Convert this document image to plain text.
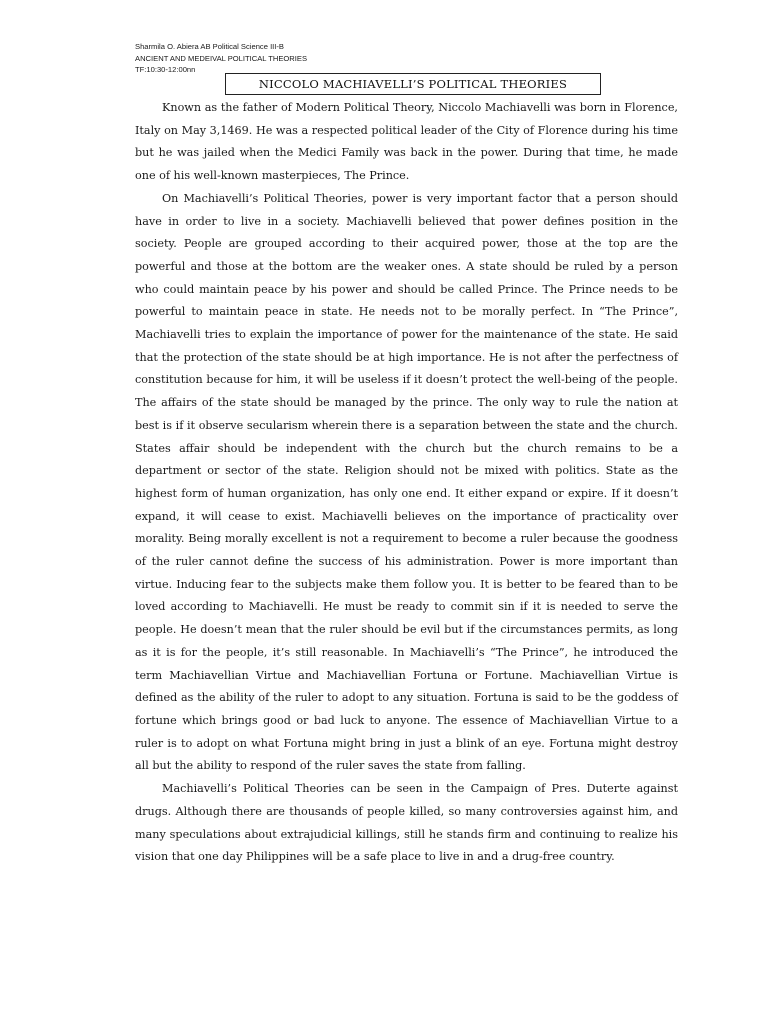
Sharmila O. Abiera AB Political Science III-B
ANCIENT AND MEDEIVAL POLITICAL THEORIES
TF:10:30-12:00nn
NICCOLO MACHIAVELLI’S POLITICAL THEORIES

Known as the father of Modern Political Theory, Niccolo Machiavelli was born in Florence, Italy on May 3,1469. He was a respected political leader of the City of Florence during his time but he was jailed when the Medici Family was back in the power. During that time, he made one of his well-known masterpieces, The Prince.

On Machiavelli’s Political Theories, power is very important factor that a person should have in order to live in a society. Machiavelli believed that power defines position in the society. People are grouped according to their acquired power, those at the top are the powerful and those at the bottom are the weaker ones. A state should be ruled by a person who could maintain peace by his power and should be called Prince. The Prince needs to be powerful to maintain peace in state. He needs not to be morally perfect. In “The Prince”, Machiavelli tries to explain the importance of power for the maintenance of the state. He said that the protection of the state should be at high importance. He is not after the perfectness of constitution because for him, it will be useless if it doesn’t protect the well-being of the people. The affairs of the state should be managed by the prince. The only way to rule the nation at best is if it observe secularism wherein there is a separation between the state and the church. States affair should be independent with the church but the church remains to be a department or sector of the state. Religion should not be mixed with politics. State as the highest form of human organization, has only one end. It either expand or expire. If it doesn’t expand, it will cease to exist. Machiavelli believes on the importance of practicality over morality. Being morally excellent is not a requirement to become a ruler because the goodness of the ruler cannot define the success of his administration. Power is more important than virtue. Inducing fear to the subjects make them follow you. It is better to be feared than to be loved according to Machiavelli. He must be ready to commit sin if it is needed to serve the people. He doesn’t mean that the ruler should be evil but if the circumstances permits, as long as it is for the people, it’s still reasonable. In Machiavelli’s “The Prince”, he introduced the term Machiavellian Virtue and Machiavellian Fortuna or Fortune. Machiavellian Virtue is defined as the ability of the ruler to adopt to any situation. Fortuna is said to be the goddess of fortune which brings good or bad luck to anyone. The essence of Machiavellian Virtue to a ruler is to adopt on what Fortuna might bring in just a blink of an eye. Fortuna might destroy all but the ability to respond of the ruler saves the state from falling.

Machiavelli’s Political Theories can be seen in the Campaign of Pres. Duterte against drugs. Although there are thousands of people killed, so many controversies against him, and many speculations about extrajudicial killings, still he stands firm and continuing to realize his vision that one day Philippines will be a safe place to live in and a drug-free country.
